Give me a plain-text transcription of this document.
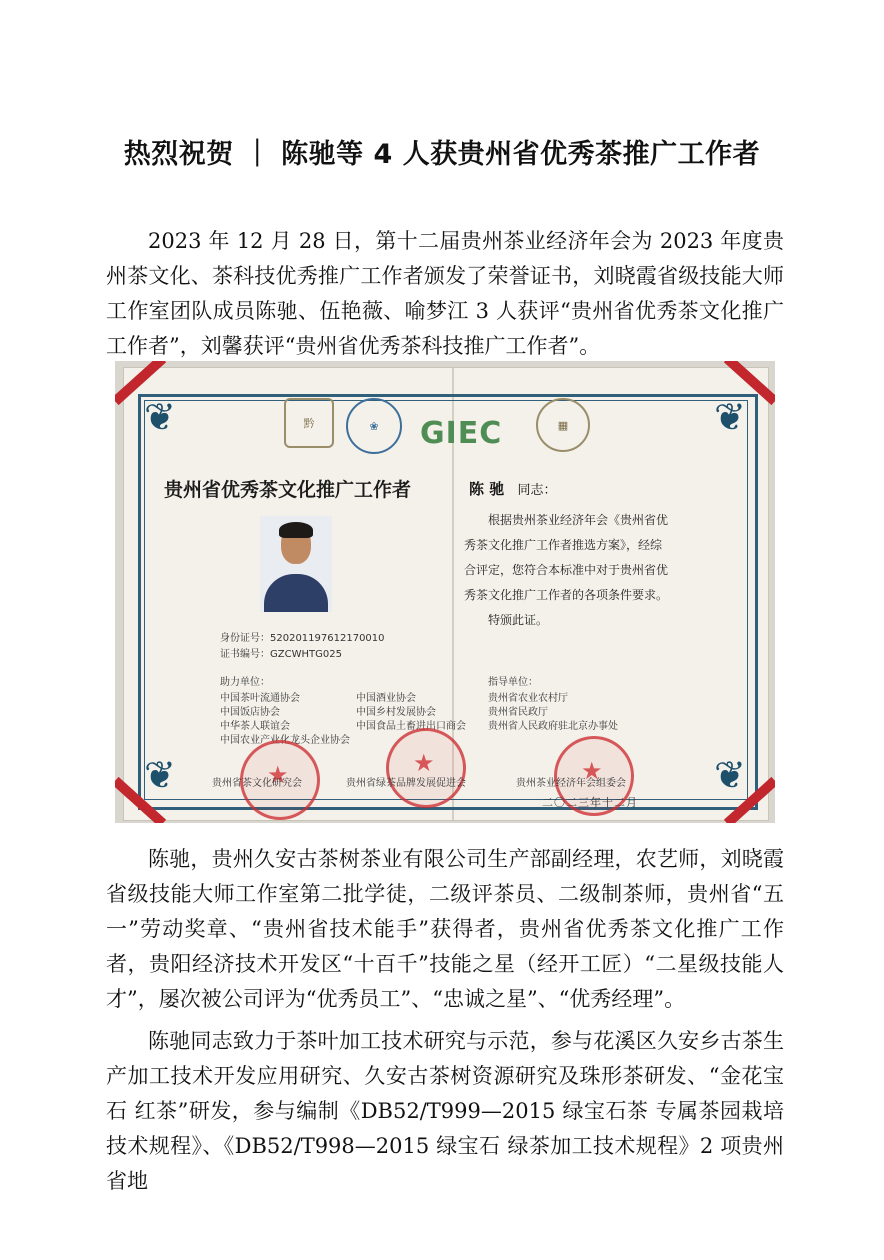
热烈祝贺 ｜ 陈驰等 4 人获贵州省优秀茶推广工作者
2023 年 12 月 28 日，第十二届贵州茶业经济年会为 2023 年度贵州茶文化、茶科技优秀推广工作者颁发了荣誉证书，刘晓霞省级技能大师工作室团队成员陈驰、伍艳薇、喻梦江 3 人获评“贵州省优秀茶文化推广工作者”，刘馨获评“贵州省优秀茶科技推广工作者”。
❦	❦
❦	❦
黔	❀	GIEC	▦
贵州省优秀茶文化推广工作者
身份证号：520201197612170010
证书编号：GZCWHTG025
助力单位：
中国茶叶流通协会
中国饭店协会
中华茶人联谊会
中国农业产业化龙头企业协会
中国酒业协会
中国乡村发展协会
中国食品土畜进出口商会
陈 驰 同志：
根据贵州茶业经济年会《贵州省优
秀茶文化推广工作者推选方案》，经综
合评定，您符合本标准中对于贵州省优
秀茶文化推广工作者的各项条件要求。
特颁此证。
指导单位：
贵州省农业农村厅
贵州省民政厅
贵州省人民政府驻北京办事处
★
★
★
贵州省茶文化研究会	贵州省绿茶品牌发展促进会	贵州茶业经济年会组委会
二〇二三年十二月
陈驰，贵州久安古茶树茶业有限公司生产部副经理，农艺师，刘晓霞省级技能大师工作室第二批学徒，二级评茶员、二级制茶师，贵州省“五一”劳动奖章、“贵州省技术能手”获得者，贵州省优秀茶文化推广工作者，贵阳经济技术开发区“十百千”技能之星（经开工匠）“二星级技能人才”，屡次被公司评为“优秀员工”、“忠诚之星”、“优秀经理”。
陈驰同志致力于茶叶加工技术研究与示范，参与花溪区久安乡古茶生产加工技术开发应用研究、久安古茶树资源研究及珠形茶研发、“金花宝石 红茶”研发，参与编制《DB52/T999—2015 绿宝石茶 专属茶园栽培技术规程》、《DB52/T998—2015 绿宝石 绿茶加工技术规程》2 项贵州省地
